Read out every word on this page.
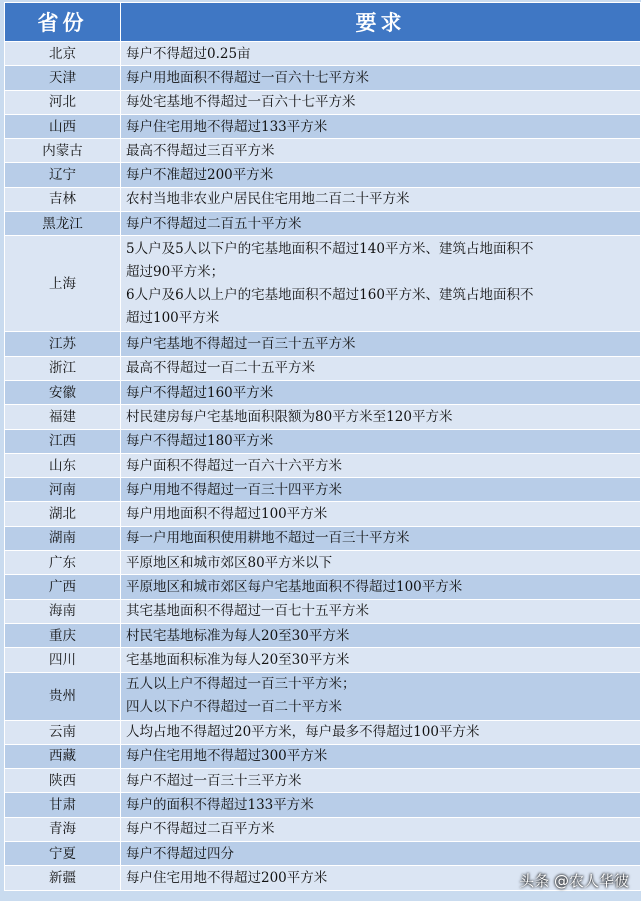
省份	要求
北京	每户不得超过0.25亩
天津	每户用地面积不得超过一百六十七平方米
河北	每处宅基地不得超过一百六十七平方米
山西	每户住宅用地不得超过133平方米
内蒙古	最高不得超过三百平方米
辽宁	每户不准超过200平方米
吉林	农村当地非农业户居民住宅用地二百二十平方米
黑龙江	每户不得超过二百五十平方米
上海	5人户及5人以下户的宅基地面积不超过140平方米、建筑占地面积不
超过90平方米；
6人户及6人以上户的宅基地面积不超过160平方米、建筑占地面积不
超过100平方米

江苏	每户宅基地不得超过一百三十五平方米
浙江	最高不得超过一百二十五平方米
安徽	每户不得超过160平方米
福建	村民建房每户宅基地面积限额为80平方米至120平方米
江西	每户不得超过180平方米
山东	每户面积不得超过一百六十六平方米
河南	每户用地不得超过一百三十四平方米
湖北	每户用地面积不得超过100平方米
湖南	每一户用地面积使用耕地不超过一百三十平方米
广东	平原地区和城市郊区80平方米以下
广西	平原地区和城市郊区每户宅基地面积不得超过100平方米
海南	其宅基地面积不得超过一百七十五平方米
重庆	村民宅基地标准为每人20至30平方米
四川	宅基地面积标准为每人20至30平方米
贵州	五人以上户不得超过一百三十平方米；
四人以下户不得超过一百二十平方米

云南	人均占地不得超过20平方米，每户最多不得超过100平方米
西藏	每户住宅用地不得超过300平方米
陕西	每户不超过一百三十三平方米
甘肃	每户的面积不得超过133平方米
青海	每户不得超过二百平方米
宁夏	每户不得超过四分
新疆	每户住宅用地不得超过200平方米	头条 @农人华彼
